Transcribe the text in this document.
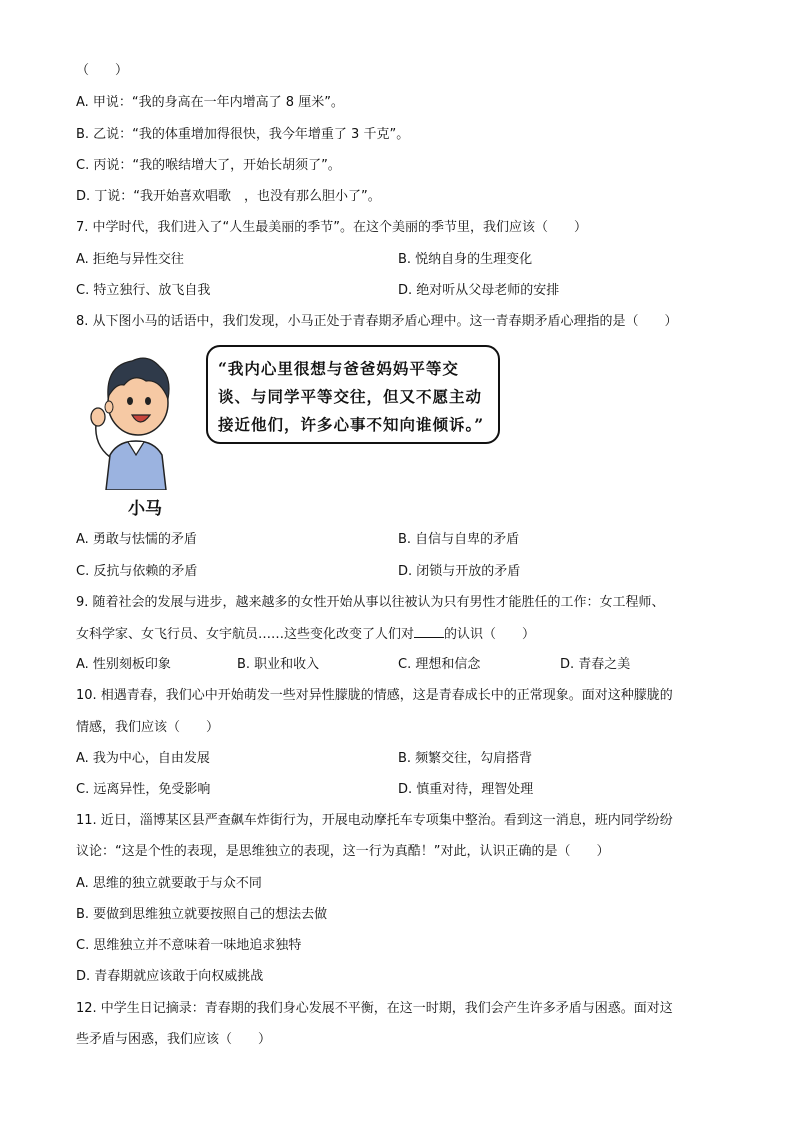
（　　）
A. 甲说：“我的身高在一年内增高了 8 厘米”。
B. 乙说：“我的体重增加得很快，我今年增重了 3 千克”。
C. 丙说：“我的喉结增大了，开始长胡须了”。
D. 丁说：“我开始喜欢唱歌　，也没有那么胆小了”。
7. 中学时代，我们进入了“人生最美丽的季节”。在这个美丽的季节里，我们应该（　　）
A. 拒绝与异性交往	B. 悦纳自身的生理变化
C. 特立独行、放飞自我	D. 绝对听从父母老师的安排
8. 从下图小马的话语中，我们发现，小马正处于青春期矛盾心理中。这一青春期矛盾心理指的是（　　）
“我内心里很想与爸爸妈妈平等交
谈、与同学平等交往，但又不愿主动
接近他们，许多心事不知向谁倾诉。”
小马
A. 勇敢与怯懦的矛盾	B. 自信与自卑的矛盾
C. 反抗与依赖的矛盾	D. 闭锁与开放的矛盾
9. 随着社会的发展与进步，越来越多的女性开始从事以往被认为只有男性才能胜任的工作：女工程师、
女科学家、女飞行员、女宇航员……这些变化改变了人们对 的认识（　　）
A. 性别刻板印象	B. 职业和收入	C. 理想和信念	D. 青春之美
10. 相遇青春，我们心中开始萌发一些对异性朦胧的情感，这是青春成长中的正常现象。面对这种朦胧的
情感，我们应该（　　）
A. 我为中心，自由发展	B. 频繁交往，勾肩搭背
C. 远离异性，免受影响	D. 慎重对待，理智处理
11. 近日，淄博某区县严查飙车炸街行为，开展电动摩托车专项集中整治。看到这一消息，班内同学纷纷
议论：“这是个性的表现，是思维独立的表现，这一行为真酷！”对此，认识正确的是（　　）
A. 思维的独立就要敢于与众不同
B. 要做到思维独立就要按照自己的想法去做
C. 思维独立并不意味着一味地追求独特
D. 青春期就应该敢于向权威挑战
12. 中学生日记摘录：青春期的我们身心发展不平衡，在这一时期，我们会产生许多矛盾与困惑。面对这
些矛盾与困惑，我们应该（　　）
